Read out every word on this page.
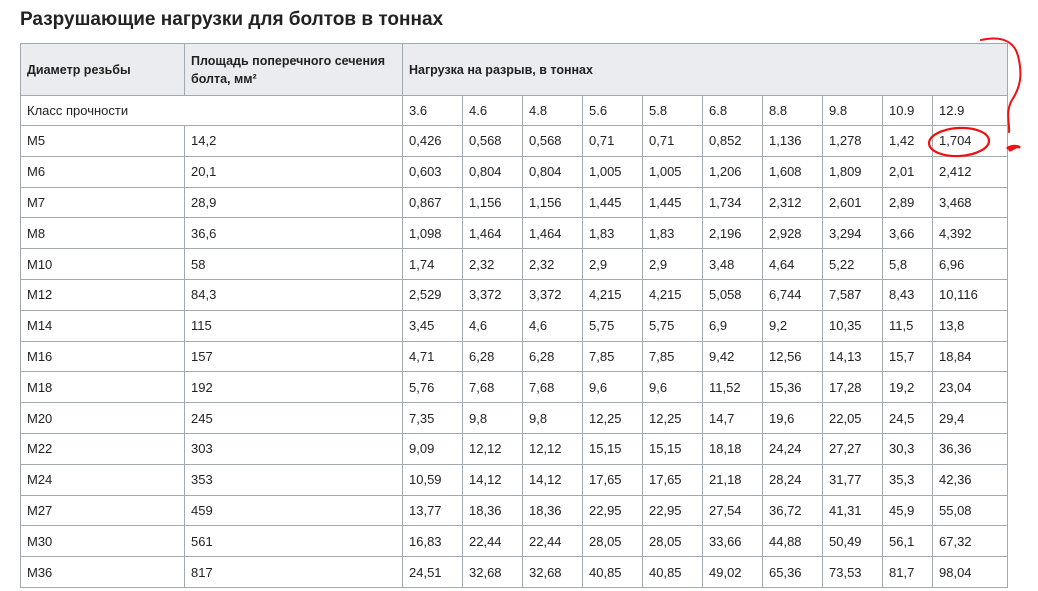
Разрушающие нагрузки для болтов в тоннах
Диаметр резьбы	Площадь поперечного сечения болта, мм²	Нагрузка на разрыв, в тоннах									
Класс прочности		3.6	4.6	4.8	5.6	5.8	6.8	8.8	9.8	10.9	12.9
M5	14,2	0,426	0,568	0,568	0,71	0,71	0,852	1,136	1,278	1,42	1,704
M6	20,1	0,603	0,804	0,804	1,005	1,005	1,206	1,608	1,809	2,01	2,412
M7	28,9	0,867	1,156	1,156	1,445	1,445	1,734	2,312	2,601	2,89	3,468
M8	36,6	1,098	1,464	1,464	1,83	1,83	2,196	2,928	3,294	3,66	4,392
M10	58	1,74	2,32	2,32	2,9	2,9	3,48	4,64	5,22	5,8	6,96
M12	84,3	2,529	3,372	3,372	4,215	4,215	5,058	6,744	7,587	8,43	10,116
M14	115	3,45	4,6	4,6	5,75	5,75	6,9	9,2	10,35	11,5	13,8
M16	157	4,71	6,28	6,28	7,85	7,85	9,42	12,56	14,13	15,7	18,84
M18	192	5,76	7,68	7,68	9,6	9,6	11,52	15,36	17,28	19,2	23,04
M20	245	7,35	9,8	9,8	12,25	12,25	14,7	19,6	22,05	24,5	29,4
M22	303	9,09	12,12	12,12	15,15	15,15	18,18	24,24	27,27	30,3	36,36
M24	353	10,59	14,12	14,12	17,65	17,65	21,18	28,24	31,77	35,3	42,36
M27	459	13,77	18,36	18,36	22,95	22,95	27,54	36,72	41,31	45,9	55,08
M30	561	16,83	22,44	22,44	28,05	28,05	33,66	44,88	50,49	56,1	67,32
M36	817	24,51	32,68	32,68	40,85	40,85	49,02	65,36	73,53	81,7	98,04
